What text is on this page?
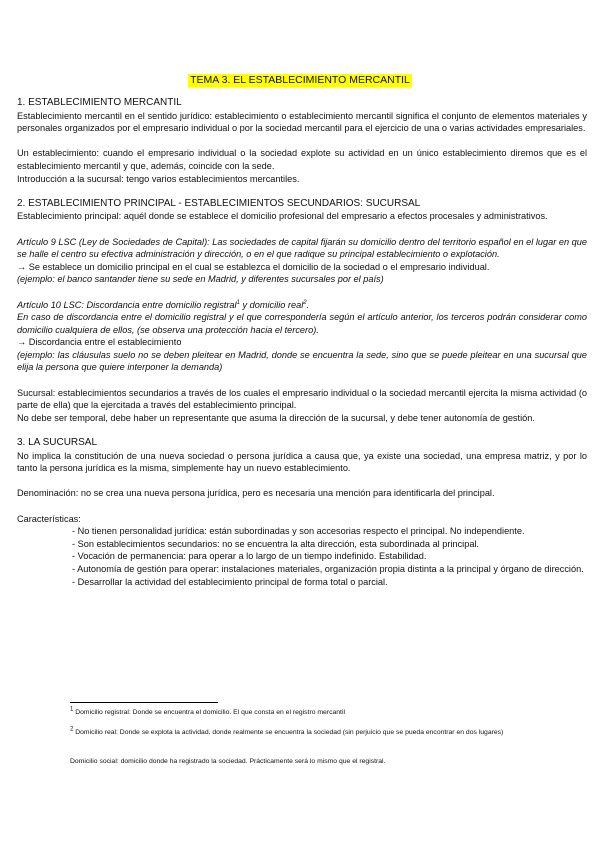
TEMA 3. EL ESTABLECIMIENTO MERCANTIL

1. ESTABLECIMIENTO MERCANTIL

Establecimiento mercantil en el sentido jurídico: establecimiento o establecimiento mercantil significa el conjunto de elementos materiales y personales organizados por el empresario individual o por la sociedad mercantil para el ejercicio de una o varias actividades empresariales.

Un establecimiento: cuando el empresario individual o la sociedad explote su actividad en un único establecimiento diremos que es el establecimiento mercantil y que, además, coincide con la sede.

Introducción a la sucursal: tengo varios establecimientos mercantiles.

2. ESTABLECIMIENTO PRINCIPAL - ESTABLECIMIENTOS SECUNDARIOS: SUCURSAL

Establecimiento principal: aquél donde se establece el domicilio profesional del empresario a efectos procesales y administrativos.

Artículo 9 LSC (Ley de Sociedades de Capital): Las sociedades de capital fijarán su domicilio dentro del territorio español en el lugar en que se halle el centro su efectiva administración y dirección, o en el que radique su principal establecimiento o explotación.

→ Se establece un domicilio principal en el cual se establezca el domicilio de la sociedad o el empresario individual.

(ejemplo: el banco santander tiene su sede en Madrid, y diferentes sucursales por el país)

Artículo 10 LSC: Discordancia entre domicilio registral$^1$ y domicilio real$^2$.

En caso de discordancia entre el domicilio registral y el que correspondería según el artículo anterior, los terceros podrán considerar como domicilio cualquiera de ellos, (se observa una protección hacia el tercero).

→ Discordancia entre el establecimiento

(ejemplo: las cláusulas suelo no se deben pleitear en Madrid, donde se encuentra la sede, sino que se puede pleitear en una sucursal que elija la persona que quiere interponer la demanda)

Sucursal: establecimientos secundarios a través de los cuales el empresario individual o la sociedad mercantil ejercita la misma actividad (o parte de ella) que la ejercitada a través del establecimiento principal.

No debe ser temporal, debe haber un representante que asuma la dirección de la sucursal, y debe tener autonomía de gestión.

3. LA SUCURSAL

No implica la constitución de una nueva sociedad o persona jurídica a causa que, ya existe una sociedad, una empresa matriz, y por lo tanto la persona jurídica es la misma, simplemente hay un nuevo establecimiento.

Denominación: no se crea una nueva persona jurídica, pero es necesaria una mención para identificarla del principal.

Características:

- No tienen personalidad jurídica: están subordinadas y son accesorias respecto el principal. No independiente.
- Son establecimientos secundarios: no se encuentra la alta dirección, esta subordinada al principal.
- Vocación de permanencia: para operar a lo largo de un tiempo indefinido. Estabilidad.
- Autonomía de gestión para operar: instalaciones materiales, organización propia distinta a la principal y órgano de dirección.
- Desarrollar la actividad del establecimiento principal de forma total o parcial.
$^1$ Domicilio registral: Donde se encuentra el domicilio. El que consta en el registro mercantil
$^2$ Domicilio real: Donde se explota la actividad. donde realmente se encuentra la sociedad (sin perjuicio que se pueda encontrar en dos lugares)
Domicilio social: domicilio donde ha registrado la sociedad. Prácticamente será lo mismo que el registral.
